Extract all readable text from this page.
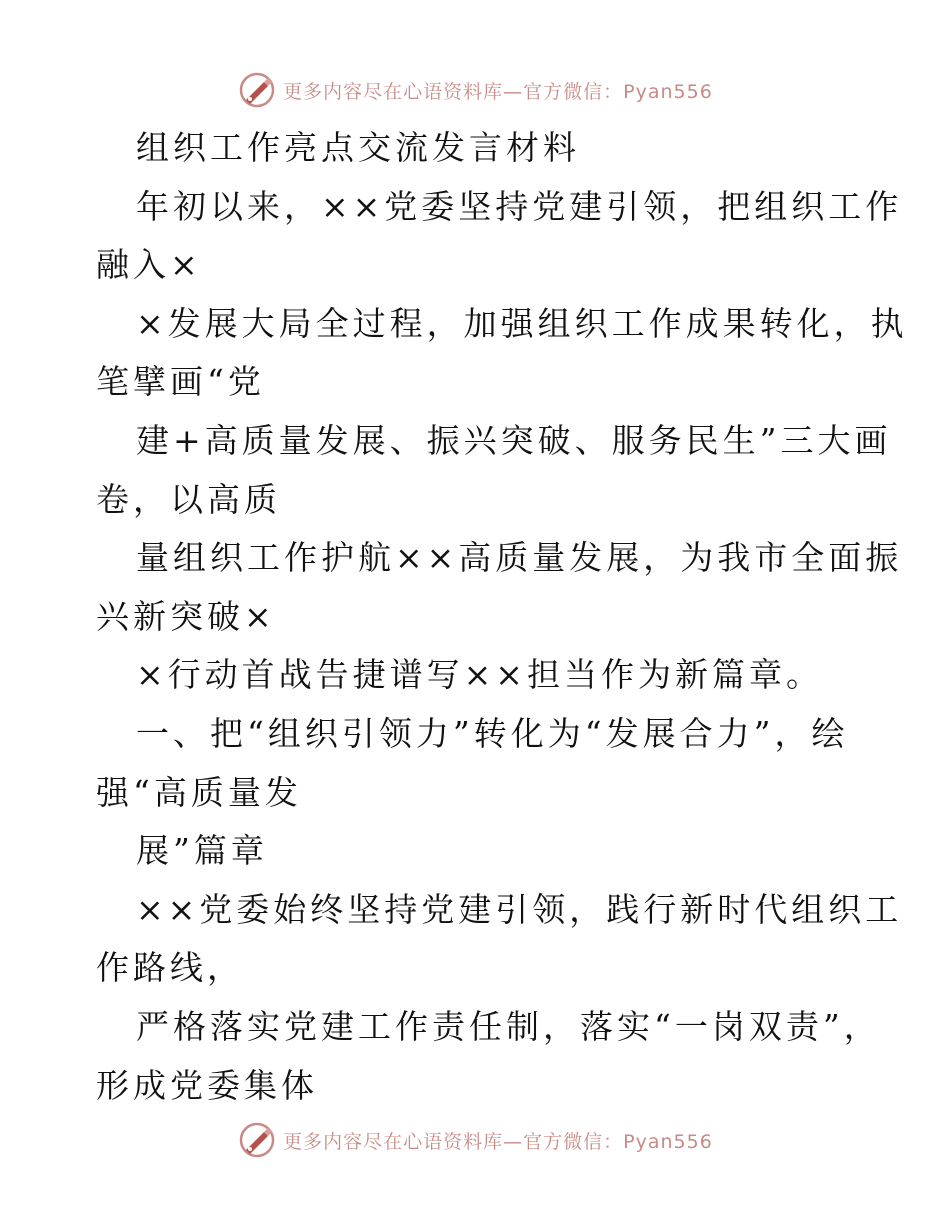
更多内容尽在心语资料库—官方微信：Pyan556
组织工作亮点交流发言材料
年初以来，××党委坚持党建引领，把组织工作
融入×
×发展大局全过程，加强组织工作成果转化，执
笔擘画“党
建+高质量发展、振兴突破、服务民生”三大画
卷，以高质
量组织工作护航××高质量发展，为我市全面振
兴新突破×
×行动首战告捷谱写××担当作为新篇章。
一、把“组织引领力”转化为“发展合力”，绘
强“高质量发
展”篇章
××党委始终坚持党建引领，践行新时代组织工
作路线，
严格落实党建工作责任制，落实“一岗双责”，
形成党委集体
更多内容尽在心语资料库—官方微信：Pyan556
